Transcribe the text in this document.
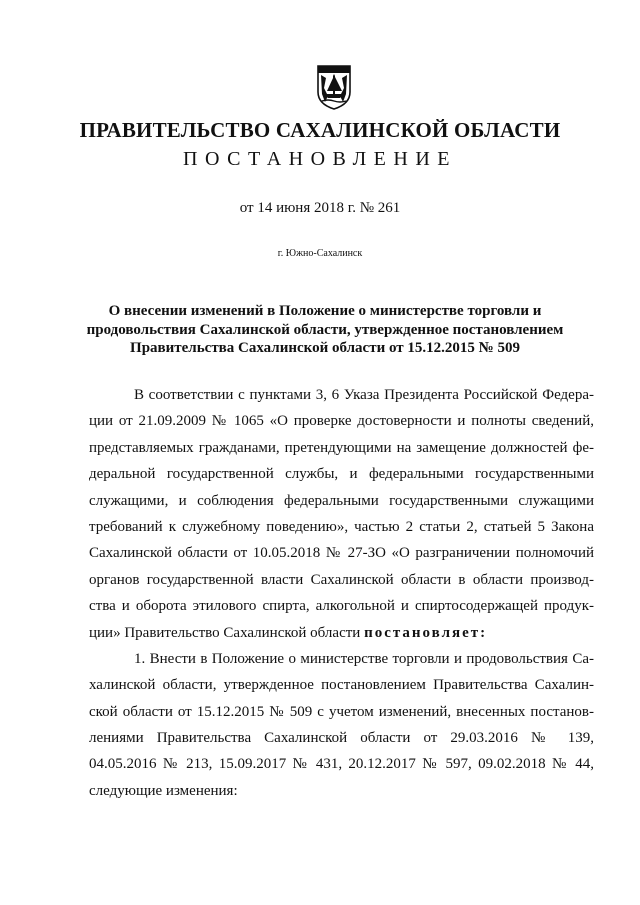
ПРАВИТЕЛЬСТВО САХАЛИНСКОЙ ОБЛАСТИ
ПОСТАНОВЛЕНИЕ
от 14 июня 2018 г. № 261
г. Южно-Сахалинск
О внесении изменений в Положение о министерстве торговли и
продовольствия Сахалинской области, утвержденное постановлением
Правительства Сахалинской области от 15.12.2015 № 509
В соответствии с пунктами 3, 6 Указа Президента Российской Федера-
ции от 21.09.2009 № 1065 «О проверке достоверности и полноты сведений,
представляемых гражданами, претендующими на замещение должностей фе-
деральной государственной службы, и федеральными государственными
служащими, и соблюдения федеральными государственными служащими
требований к служебному поведению», частью 2 статьи 2, статьей 5 Закона
Сахалинской области от 10.05.2018 № 27-ЗО «О разграничении полномочий
органов государственной власти Сахалинской области в области производ-
ства и оборота этилового спирта, алкогольной и спиртосодержащей продук-
ции» Правительство Сахалинской области постановляет:
1. Внести в Положение о министерстве торговли и продовольствия Са-
халинской области, утвержденное постановлением Правительства Сахалин-
ской области от 15.12.2015 № 509 с учетом изменений, внесенных постанов-
лениями Правительства Сахалинской области от 29.03.2016 № 139,
04.05.2016 № 213, 15.09.2017 № 431, 20.12.2017 № 597, 09.02.2018 № 44,
следующие изменения:
